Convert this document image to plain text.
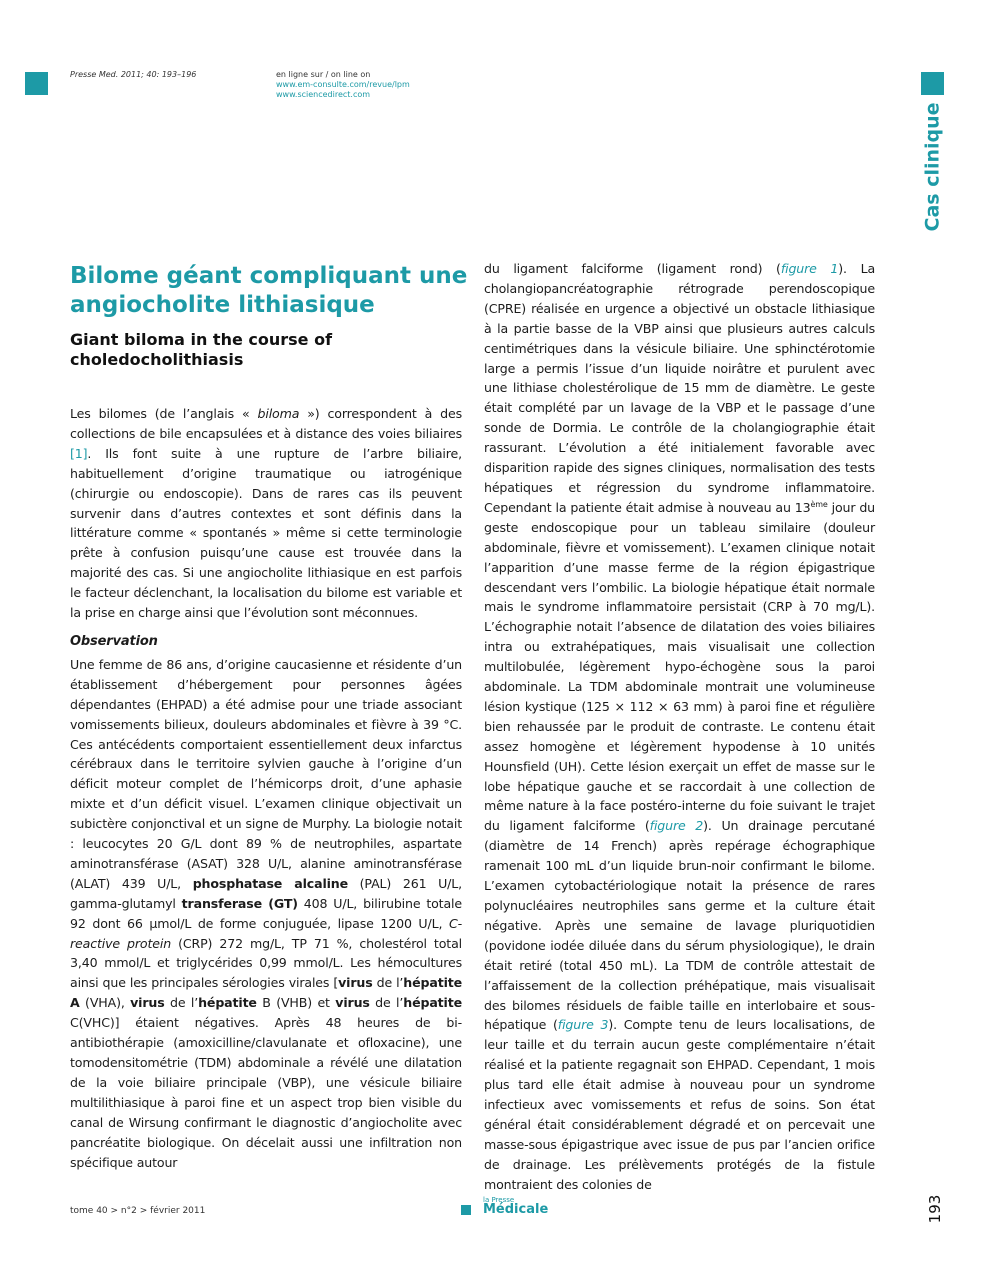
Presse Med. 2011; 40: 193–196	en ligne sur / on line on
www.em-consulte.com/revue/lpm
www.sciencedirect.com
Cas clinique
Bilome géant compliquant une angiocholite lithiasique
Giant biloma in the course of choledocholithiasis

Les bilomes (de l’anglais « biloma ») correspondent à des collections de bile encapsulées et à distance des voies biliaires [1]. Ils font suite à une rupture de l’arbre biliaire, habituellement d’origine traumatique ou iatrogénique (chirurgie ou endoscopie). Dans de rares cas ils peuvent survenir dans d’autres contextes et sont définis dans la littérature comme « spontanés » même si cette terminologie prête à confusion puisqu’une cause est trouvée dans la majorité des cas. Si une angiocholite lithiasique en est parfois le facteur déclenchant, la localisation du bilome est variable et la prise en charge ainsi que l’évolution sont méconnues.

Observation

Une femme de 86 ans, d’origine caucasienne et résidente d’un établissement d’hébergement pour personnes âgées dépendantes (EHPAD) a été admise pour une triade associant vomissements bilieux, douleurs abdominales et fièvre à 39 °C. Ces antécédents comportaient essentiellement deux infarctus cérébraux dans le territoire sylvien gauche à l’origine d’un déficit moteur complet de l’hémicorps droit, d’une aphasie mixte et d’un déficit visuel. L’examen clinique objectivait un subictère conjonctival et un signe de Murphy. La biologie notait : leucocytes 20 G/L dont 89 % de neutrophiles, aspartate aminotransférase (ASAT) 328 U/L, alanine aminotransférase (ALAT) 439 U/L, phosphatase alcaline (PAL) 261 U/L, gamma-glutamyl transferase (GT) 408 U/L, bilirubine totale 92 dont 66 µmol/L de forme conjuguée, lipase 1200 U/L, C-reactive protein (CRP) 272 mg/L, TP 71 %, cholestérol total 3,40 mmol/L et triglycérides 0,99 mmol/L. Les hémocultures ainsi que les principales sérologies virales [virus de l’hépatite A (VHA), virus de l’hépatite B (VHB) et virus de l’hépatite C(VHC)] étaient négatives. Après 48 heures de bi-antibiothérapie (amoxicilline/clavulanate et ofloxacine), une tomodensitométrie (TDM) abdominale a révélé une dilatation de la voie biliaire principale (VBP), une vésicule biliaire multilithiasique à paroi fine et un aspect trop bien visible du canal de Wirsung confirmant le diagnostic d’angiocholite avec pancréatite biologique. On décelait aussi une infiltration non spécifique autour

du ligament falciforme (ligament rond) (figure 1). La cholangiopancréatographie rétrograde perendoscopique (CPRE) réalisée en urgence a objectivé un obstacle lithiasique à la partie basse de la VBP ainsi que plusieurs autres calculs centimétriques dans la vésicule biliaire. Une sphinctérotomie large a permis l’issue d’un liquide noirâtre et purulent avec une lithiase cholestérolique de 15 mm de diamètre. Le geste était complété par un lavage de la VBP et le passage d’une sonde de Dormia. Le contrôle de la cholangiographie était rassurant. L’évolution a été initialement favorable avec disparition rapide des signes cliniques, normalisation des tests hépatiques et régression du syndrome inflammatoire. Cependant la patiente était admise à nouveau au 13ème jour du geste endoscopique pour un tableau similaire (douleur abdominale, fièvre et vomissement). L’examen clinique notait l’apparition d’une masse ferme de la région épigastrique descendant vers l’ombilic. La biologie hépatique était normale mais le syndrome inflammatoire persistait (CRP à 70 mg/L). L’échographie notait l’absence de dilatation des voies biliaires intra ou extrahépatiques, mais visualisait une collection multilobulée, légèrement hypo-échogène sous la paroi abdominale. La TDM abdominale montrait une volumineuse lésion kystique (125 × 112 × 63 mm) à paroi fine et régulière bien rehaussée par le produit de contraste. Le contenu était assez homogène et légèrement hypodense à 10 unités Hounsfield (UH). Cette lésion exerçait un effet de masse sur le lobe hépatique gauche et se raccordait à une collection de même nature à la face postéro-interne du foie suivant le trajet du ligament falciforme (figure 2). Un drainage percutané (diamètre de 14 French) après repérage échographique ramenait 100 mL d’un liquide brun-noir confirmant le bilome. L’examen cytobactériologique notait la présence de rares polynucléaires neutrophiles sans germe et la culture était négative. Après une semaine de lavage pluriquotidien (povidone iodée diluée dans du sérum physiologique), le drain était retiré (total 450 mL). La TDM de contrôle attestait de l’affaissement de la collection préhépatique, mais visualisait des bilomes résiduels de faible taille en interlobaire et sous-hépatique (figure 3). Compte tenu de leurs localisations, de leur taille et du terrain aucun geste complémentaire n’était réalisé et la patiente regagnait son EHPAD. Cependant, 1 mois plus tard elle était admise à nouveau pour un syndrome infectieux avec vomissements et refus de soins. Son état général était considérablement dégradé et on percevait une masse-sous épigastrique avec issue de pus par l’ancien orifice de drainage. Les prélèvements protégés de la fistule montraient des colonies de

tome 40 > n°2 > février 2011
la Presse
Médicale	193
